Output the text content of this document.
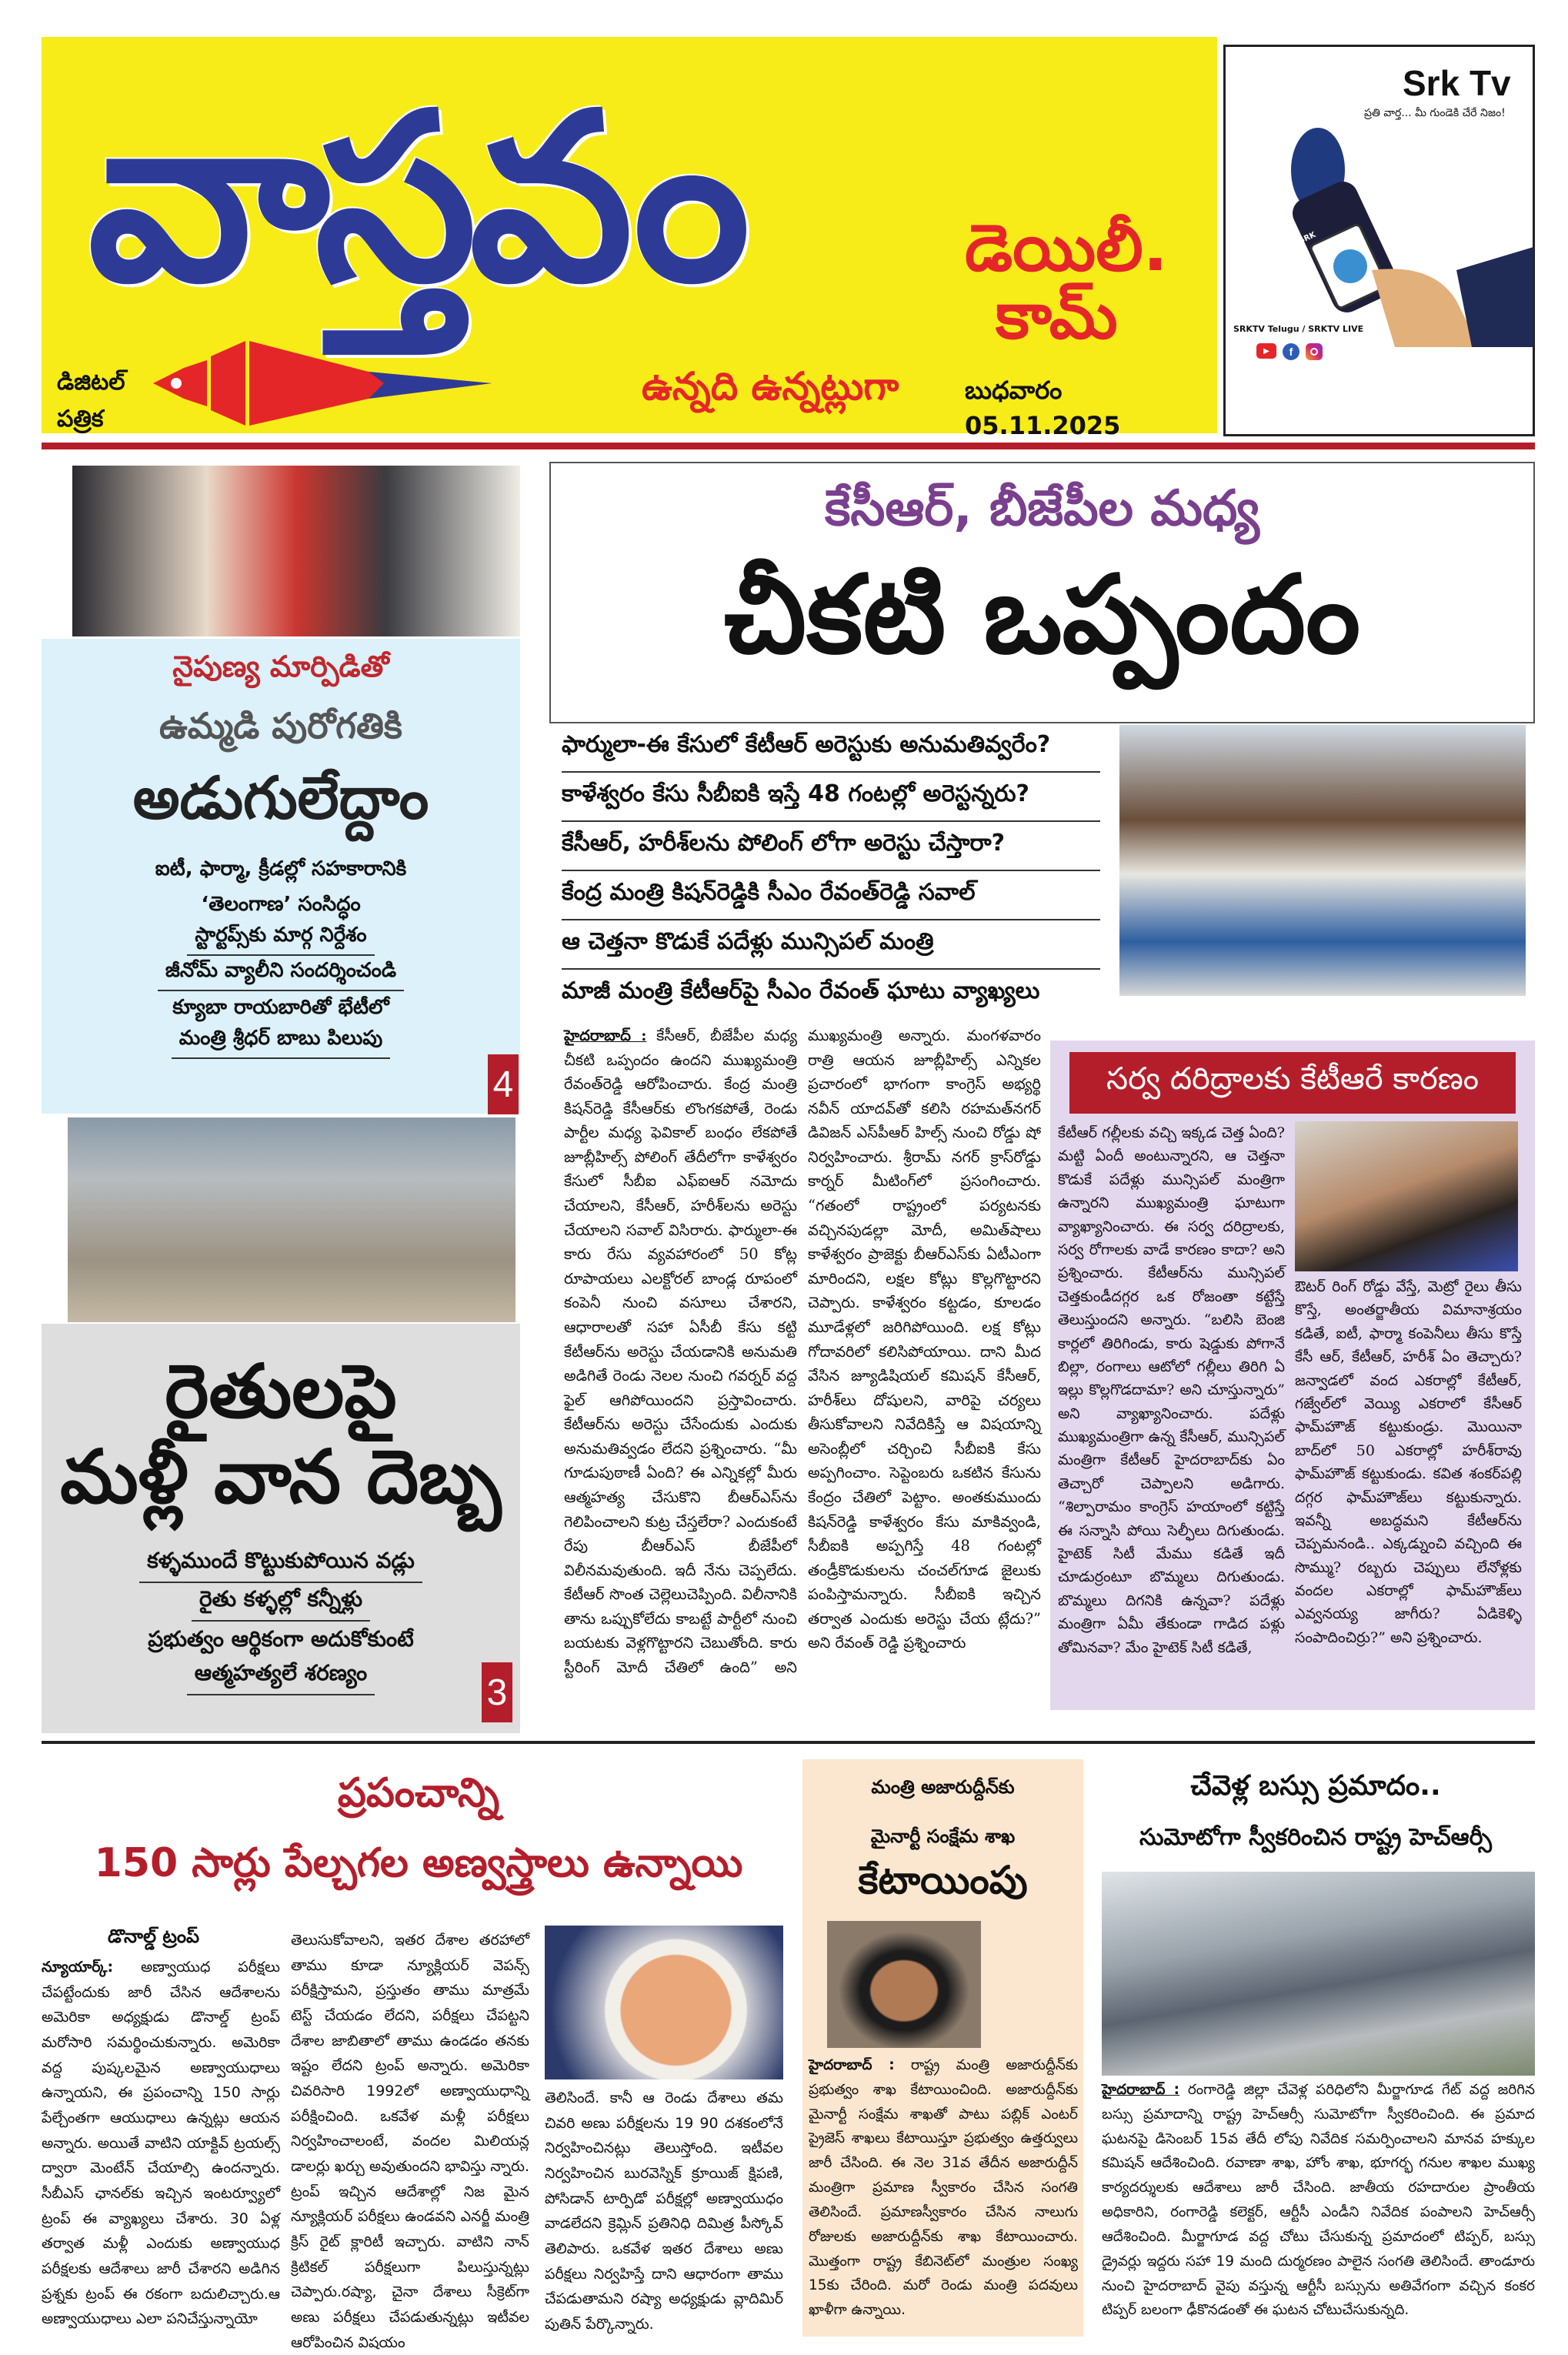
వాస్తవం	డెయిలీ.
కామ్
ఉన్నది ఉన్నట్లుగా
డిజిటల్
పత్రిక
బుధవారం 05.11.2025
Srk Tv
ప్రతి వార్త... మీ గుండెకి చేరే నిజం!
SRK
SRKTV Telugu / SRKTV LIVE
▶	f
నైపుణ్య మార్పిడితో
ఉమ్మడి పురోగతికి
అడుగులేద్దాం
ఐటీ, ఫార్మా, క్రీడల్లో సహకారానికి
‘తెలంగాణ’ సంసిద్ధం
స్టార్టప్స్‌కు మార్గ నిర్దేశం
జీనోమ్ వ్యాలీని సందర్శించండి
క్యూబా రాయబారితో భేటీలో
మంత్రి శ్రీధర్ బాబు పిలుపు
4
రైతులపై
మళ్లీ వాన దెబ్బ
కళ్ళముందే కొట్టుకుపోయిన వడ్లు
రైతు కళ్ళల్లో కన్నీళ్లు
ప్రభుత్వం ఆర్థికంగా అదుకోకుంటే
ఆత్మహత్యలే శరణ్యం	3
కేసీఆర్, బీజేపీల మధ్య
చీకటి ఒప్పందం
ఫార్ములా-ఈ కేసులో కేటీఆర్ అరెస్టుకు అనుమతివ్వరేం?
కాళేశ్వరం కేసు సీబీఐకి ఇస్తే 48 గంటల్లో అరెస్టన్నరు?
కేసీఆర్, హరీశ్‌లను పోలింగ్ లోగా అరెస్టు చేస్తారా?
కేంద్ర మంత్రి కిషన్‌రెడ్డికి సీఎం రేవంత్‌రెడ్డి సవాల్
ఆ చెత్తనా కొడుకే పదేళ్లు మున్సిపల్ మంత్రి
మాజీ మంత్రి కేటీఆర్‌పై సీఎం రేవంత్ ఘాటు వ్యాఖ్యలు
హైదరాబాద్ : కేసీఆర్, బీజేపీల మధ్య చీకటి ఒప్పందం ఉందని ముఖ్యమంత్రి రేవంత్‌రెడ్డి ఆరోపించారు. కేంద్ర మంత్రి కిషన్‌రెడ్డి కేసీఆర్‌కు లొంగకపోతే, రెండు పార్టీల మధ్య ఫెవికాల్ బంధం లేకపోతే జూబ్లీహిల్స్ పోలింగ్ తేదీలోగా కాళేశ్వరం కేసులో సీబీఐ ఎఫ్ఐఆర్ నమోదు చేయాలని, కేసీఆర్, హరీశ్‌లను అరెస్టు చేయాలని సవాల్ విసిరారు. ఫార్ములా-ఈ కారు రేసు వ్యవహారంలో 50 కోట్ల రూపాయలు ఎలక్టోరల్ బాండ్ల రూపంలో కంపెనీ నుంచి వసూలు చేశారని, ఆధారాలతో సహా ఏసీబీ కేసు కట్టి కేటీఆర్‌ను అరెస్టు చేయడానికి అనుమతి అడిగితే రెండు నెలల నుంచి గవర్నర్ వద్ద ఫైల్ ఆగిపోయిందని ప్రస్తావించారు. కేటీఆర్‌ను అరెస్టు చేసేందుకు ఎందుకు అనుమతివ్వడం లేదని ప్రశ్నించారు. “మీ గూడుపుఠాణీ ఏంది? ఈ ఎన్నికల్లో మీరు ఆత్మహత్య చేసుకొని బీఆర్ఎస్‌ను గెలిపించాలని కుట్ర చేస్తలేరా? ఎందుకంటే రేపు బీఆర్ఎస్ బీజేపీలో విలీనమవుతుంది. ఇదీ నేను చెప్పలేదు. కేటీఆర్ సొంత చెల్లెలుచెప్పింది. విలీనానికి తాను ఒప్పుకోలేదు కాబట్టే పార్టీలో నుంచి బయటకు వెళ్లగొట్టారని చెబుతోంది. కారు స్టీరింగ్ మోదీ చేతిలో ఉంది” అని ముఖ్యమంత్రి అన్నారు. మంగళవారం రాత్రి ఆయన జూబ్లీహిల్స్ ఎన్నికల ప్రచారంలో భాగంగా కాంగ్రెస్ అభ్యర్థి నవీన్ యాదవ్‌తో కలిసి రహమత్‌నగర్ డివిజన్ ఎస్‌పీఆర్ హిల్స్ నుంచి రోడ్డు షో నిర్వహించారు. శ్రీరామ్ నగర్ క్రాస్‌రోడ్డు కార్నర్ మీటింగ్‌లో ప్రసంగించారు. “గతంలో రాష్ట్రంలో పర్యటనకు వచ్చినపుడల్లా మోదీ, అమిత్‌షాలు కాళేశ్వరం ప్రాజెక్టు బీఆర్ఎస్‌కు ఏటీఎంగా మారిందని, లక్షల కోట్లు కొల్లగొట్టారని చెప్పారు. కాళేశ్వరం కట్టడం, కూలడం మూడేళ్లలో జరిగిపోయింది. లక్ష కోట్లు గోదావరిలో కలిసిపోయాయి. దాని మీద వేసిన జ్యూడిషియల్ కమిషన్ కేసీఆర్, హరీశ్‌లు దోషులని, వారిపై చర్యలు తీసుకోవాలని నివేదికిస్తే ఆ విషయాన్ని అసెంబ్లీలో చర్చించి సీబీఐకి కేసు అప్పగించాం. సెప్టెంబరు ఒకటిన కేసును కేంద్రం చేతిలో పెట్టాం. అంతకుముందు కిషన్‌రెడ్డి కాళేశ్వరం కేసు మాకివ్వండి, సీబీఐకి అప్పగిస్తే 48 గంటల్లో తండ్రీకొడుకులను చంచల్‌గూడ జైలుకు పంపిస్తామన్నారు. సీబీఐకి ఇచ్చిన తర్వాత ఎందుకు అరెస్టు చేయ ట్లేదు?” అని రేవంత్ రెడ్డి ప్రశ్నించారు
సర్వ దరిద్రాలకు కేటీఆరే కారణం
కేటీఆర్ గల్లీలకు వచ్చి ఇక్కడ చెత్త ఏంది? మట్టి ఏందీ అంటున్నారని, ఆ చెత్తనా కొడుకే పదేళ్లు మున్సిపల్ మంత్రిగా ఉన్నారని ముఖ్యమంత్రి ఘాటుగా వ్యాఖ్యానించారు. ఈ సర్వ దరిద్రాలకు, సర్వ రోగాలకు వాడే కారణం కాదా? అని ప్రశ్నించారు. కేటీఆర్‌ను మున్సిపల్ చెత్తకుండీదగ్గర ఒక రోజంతా కట్టేస్తే తెలుస్తుందని అన్నారు. “బలిసి బెంజి కార్లలో తిరిగిండు, కారు షెడ్డుకు పోగానే బిల్లా, రంగాలు ఆటోలో గల్లీలు తిరిగి ఏ ఇల్లు కొల్లగొడదామా? అని చూస్తున్నారు” అని వ్యాఖ్యానించారు. పదేళ్లు ముఖ్యమంత్రిగా ఉన్న కేసీఆర్, మున్సిపల్ మంత్రిగా కేటీఆర్ హైదరాబాద్‌కు ఏం తెచ్చారో చెప్పాలని అడిగారు. “శిల్పారామం కాంగ్రెస్ హయాంలో కట్టిస్తే ఈ సన్నాసి పోయి సెల్ఫీలు దిగుతుండు. హైటెక్ సిటీ మేము కడితే ఇదీ చూడుర్రంటూ బొమ్మలు దిగుతుండు. బొమ్మలు దిగనికి ఉన్నవా? పదేళ్లు మంత్రిగా ఏమీ తేకుండా గాడిద పళ్లు తోమినవా? మేం హైటెక్ సిటీ కడితే,
ఔటర్ రింగ్ రోడ్డు వేస్తే, మెట్రో రైలు తీసు కొస్తే, అంతర్జాతీయ విమానాశ్రయం కడితే, ఐటీ, ఫార్మా కంపెనీలు తీసు కొస్తే కేసీ ఆర్, కేటీఆర్, హరీశ్ ఏం తెచ్చారు? జన్వాడలో వంద ఎకరాల్లో కేటీఆర్, గజ్వేల్‌లో వెయ్యి ఎకరాలో కేసీఆర్ ఫామ్‌హౌజ్ కట్టుకుండ్రు. మొయినా బాద్‌లో 50 ఎకరాల్లో హరీశ్‌రావు ఫామ్‌హౌజ్ కట్టుకుండు. కవిత శంకర్‌పల్లి దగ్గర ఫామ్‌హౌజ్‌లు కట్టుకున్నారు. ఇవన్నీ అబద్ధమని కేటీఆర్‌ను చెప్పమనండి.. ఎక్కడ్నుంచి వచ్చింది ఈ సొమ్ము? రబ్బరు చెప్పులు లేనోళ్లకు వందల ఎకరాల్లో ఫామ్‌హౌజ్‌లు ఎవ్వనయ్య జాగీరు? ఏడికెళ్ళి సంపాదించిర్రు?” అని ప్రశ్నించారు.
ప్రపంచాన్ని
150 సార్లు పేల్చగల అణ్వస్త్రాలు ఉన్నాయి
డొనాల్డ్ ట్రంప్
న్యూయార్క్: అణ్వాయుధ పరీక్షలు చేపట్టేందుకు జారీ చేసిన ఆదేశాలను అమెరికా అధ్యక్షుడు డొనాల్డ్ ట్రంప్ మరోసారి సమర్థించుకున్నారు. అమెరికా వద్ద పుష్కలమైన అణ్వాయుధాలు ఉన్నాయని, ఈ ప్రపంచాన్ని 150 సార్లు పేల్చేంతగా ఆయుధాలు ఉన్నట్లు ఆయన అన్నారు. అయితే వాటిని యాక్టివ్ ట్రయల్స్ ద్వారా మెంటేన్ చేయాల్సి ఉందన్నారు. సీబీఎస్ ఛానల్‌కు ఇచ్చిన ఇంటర్వ్యూలో ట్రంప్ ఈ వ్యాఖ్యలు చేశారు. 30 ఏళ్ల తర్వాత మళ్లీ ఎందుకు అణ్వాయుధ పరీక్షలకు ఆదేశాలు జారీ చేశారని అడిగిన ప్రశ్నకు ట్రంప్ ఈ రకంగా బదులిచ్చారు.ఆ అణ్వాయుధాలు ఎలా పనిచేస్తున్నాయో
తెలుసుకోవాలని, ఇతర దేశాల తరహాలో తాము కూడా న్యూక్లియర్ వెపన్స్ పరీక్షిస్తామని, ప్రస్తుతం తాము మాత్రమే టెస్ట్ చేయడం లేదని, పరీక్షలు చేపట్టని దేశాల జాబితాలో తాము ఉండడం తనకు ఇష్టం లేదని ట్రంప్ అన్నారు. అమెరికా చివరిసారి 1992లో అణ్వాయుధాన్ని పరీక్షించింది. ఒకవేళ మళ్లీ పరీక్షలు నిర్వహించాలంటే, వందల మిలియన్ల డాలర్లు ఖర్చు అవుతుందని భావిస్తు న్నారు. ట్రంప్ ఇచ్చిన ఆదేశాల్లో నిజ మైన న్యూక్లియర్ పరీక్షలు ఉండవని ఎనర్జీ మంత్రి క్రిస్ రైట్ క్లారిటీ ఇచ్చారు. వాటిని నాన్ క్రిటికల్ పరీక్షలుగా పిలుస్తున్నట్లు చెప్పారు.రష్యా, చైనా దేశాలు సీక్రెట్‌గా అణు పరీక్షలు చేపడుతున్నట్లు ఇటీవల ఆరోపించిన విషయం
తెలిసిందే. కానీ ఆ రెండు దేశాలు తమ చివరి అణు పరీక్షలను 19 90 దశకంలోనే నిర్వహించినట్లు తెలుస్తోంది. ఇటీవల నిర్వహించిన బురవెస్నిక్ క్రూయిజ్ క్షిపణి, పోసిడాన్ టార్పిడో పరీక్షల్లో అణ్వాయుధం వాడలేదని క్రెమ్లిన్ ప్రతినిధి దిమిత్ర పీస్కోవ్ తెలిపారు. ఒకవేళ ఇతర దేశాలు అణు పరీక్షలు నిర్వహిస్తే దాని ఆధారంగా తాము చేపడుతామని రష్యా అధ్యక్షుడు వ్లాదిమిర్ పుతిన్ పేర్కొన్నారు.
మంత్రి అజారుద్దీన్‌కు
మైనార్టీ సంక్షేమ శాఖ
కేటాయింపు
హైదరాబాద్ : రాష్ట్ర మంత్రి అజారుద్దీన్‌కు ప్రభుత్వం శాఖ కేటాయించింది. అజారుద్దీన్‌కు మైనార్టీ సంక్షేమ శాఖతో పాటు పబ్లిక్ ఎంటర్ ప్రైజెస్ శాఖలు కేటాయిస్తూ ప్రభుత్వం ఉత్తర్వులు జారీ చేసింది. ఈ నెల 31వ తేదీన అజారుద్దీన్ మంత్రిగా ప్రమాణ స్వీకారం చేసిన సంగతి తెలిసిందే. ప్రమాణస్వీకారం చేసిన నాలుగు రోజులకు అజారుద్దీన్‌కు శాఖ కేటాయించారు. మొత్తంగా రాష్ట్ర కేబినెట్‌లో మంత్రుల సంఖ్య 15కు చేరింది. మరో రెండు మంత్రి పదవులు ఖాళీగా ఉన్నాయి.
చేవెళ్ల బస్సు ప్రమాదం..
సుమోటోగా స్వీకరించిన రాష్ట్ర హెచ్ఆర్సీ
హైదరాబాద్ : రంగారెడ్డి జిల్లా చేవెళ్ల పరిధిలోని మీర్జాగూడ గేట్ వద్ద జరిగిన బస్సు ప్రమాదాన్ని రాష్ట్ర హెచ్ఆర్సీ సుమోటోగా స్వీకరించింది. ఈ ప్రమాద ఘటనపై డిసెంబర్ 15వ తేదీ లోపు నివేదిక సమర్పించాలని మానవ హక్కుల కమిషన్ ఆదేశించింది. రవాణా శాఖ, హోం శాఖ, భూగర్భ గనుల శాఖల ముఖ్య కార్యదర్శులకు ఆదేశాలు జారీ చేసింది. జాతీయ రహదారుల ప్రాంతీయ అధికారిని, రంగారెడ్డి కలెక్టర్, ఆర్టీసీ ఎండీని నివేదిక పంపాలని హెచ్ఆర్సీ ఆదేశించింది. మీర్జాగూడ వద్ద చోటు చేసుకున్న ప్రమాదంలో టిప్పర్, బస్సు డ్రైవర్లు ఇద్దరు సహా 19 మంది దుర్మరణం పాలైన సంగతి తెలిసిందే. తాండూరు నుంచి హైదరాబాద్ వైపు వస్తున్న ఆర్టీసీ బస్సును అతివేగంగా వచ్చిన కంకర టిప్పర్ బలంగా ఢీకొనడంతో ఈ ఘటన చోటుచేసుకున్నది.
